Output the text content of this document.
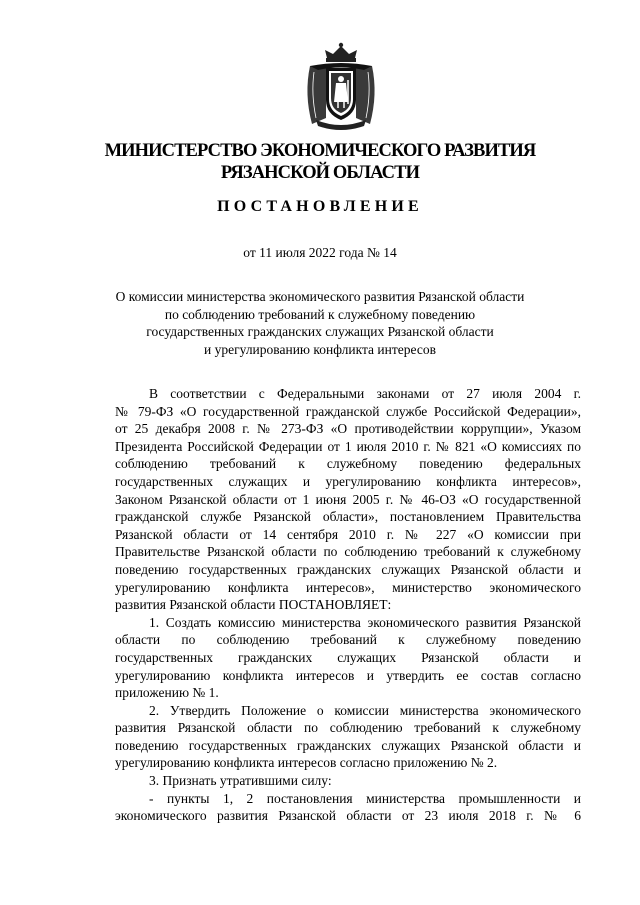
МИНИСТЕРСТВО ЭКОНОМИЧЕСКОГО РАЗВИТИЯ
РЯЗАНСКОЙ ОБЛАСТИ
ПОСТАНОВЛЕНИЕ
от 11 июля 2022 года № 14
О комиссии министерства экономического развития Рязанской области
по соблюдению требований к служебному поведению
государственных гражданских служащих Рязанской области
и урегулированию конфликта интересов
В соответствии с Федеральными законами от 27 июля 2004 г.
№ 79-ФЗ «О государственной гражданской службе Российской Федерации»,
от 25 декабря 2008 г. № 273-ФЗ «О противодействии коррупции», Указом
Президента Российской Федерации от 1 июля 2010 г. № 821 «О комиссиях по
соблюдению требований к служебному поведению федеральных
государственных служащих и урегулированию конфликта интересов»,
Законом Рязанской области от 1 июня 2005 г. № 46-ОЗ «О государственной
гражданской службе Рязанской области», постановлением Правительства
Рязанской области от 14 сентября 2010 г. № 227 «О комиссии при
Правительстве Рязанской области по соблюдению требований к служебному
поведению государственных гражданских служащих Рязанской области и
урегулированию конфликта интересов», министерство экономического
развития Рязанской области ПОСТАНОВЛЯЕТ:
1. Создать комиссию министерства экономического развития Рязанской
области по соблюдению требований к служебному поведению
государственных гражданских служащих Рязанской области и
урегулированию конфликта интересов и утвердить ее состав согласно
приложению № 1.
2. Утвердить Положение о комиссии министерства экономического
развития Рязанской области по соблюдению требований к служебному
поведению государственных гражданских служащих Рязанской области и
урегулированию конфликта интересов согласно приложению № 2.
3. Признать утратившими силу:
- пункты 1, 2 постановления министерства промышленности и
экономического развития Рязанской области от 23 июля 2018 г. № 6
